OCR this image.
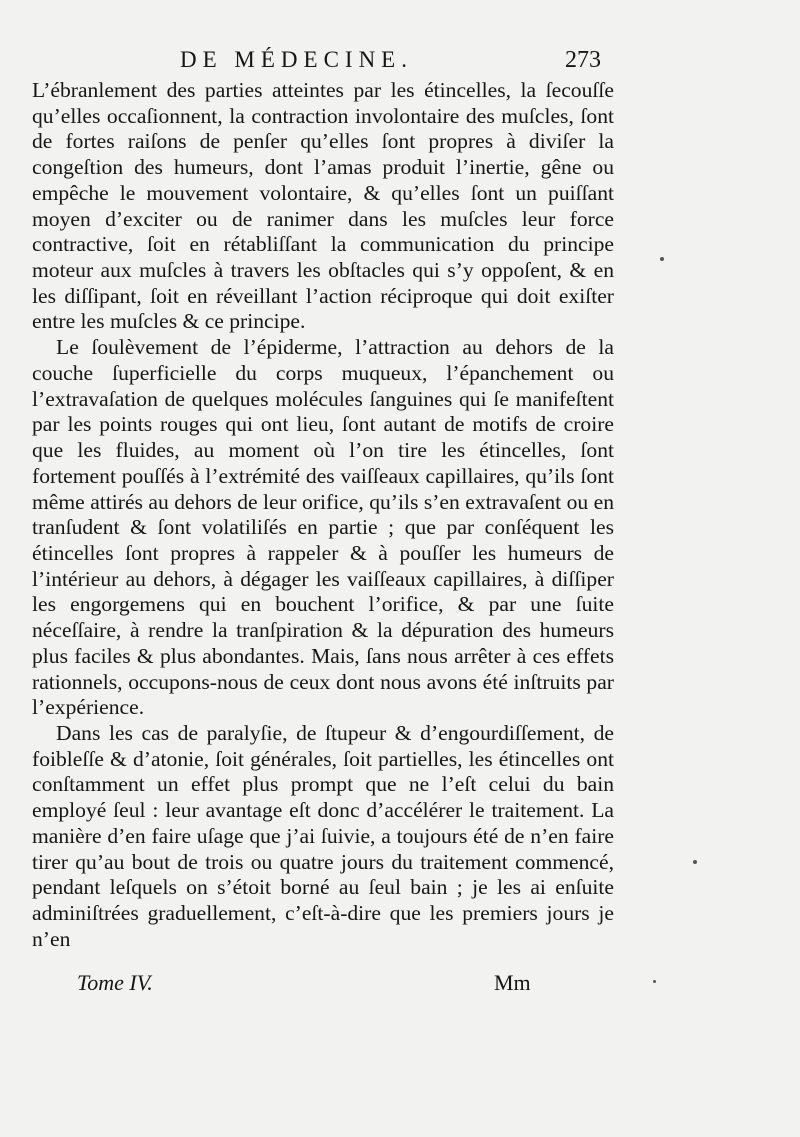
DE MÉDECINE.	273

L’ébranlement des parties atteintes par les étincelles, la ſecouſſe qu’elles occaſionnent, la contraction involontaire des muſcles, ſont de fortes raiſons de penſer qu’elles ſont propres à diviſer la congeſtion des humeurs, dont l’amas produit l’inertie, gêne ou empêche le mouvement volontaire, & qu’elles ſont un puiſſant moyen d’exciter ou de ranimer dans les muſcles leur force contractive, ſoit en rétabliſſant la communication du principe moteur aux muſcles à travers les obſtacles qui s’y oppoſent, & en les diſſipant, ſoit en réveillant l’action réciproque qui doit exiſter entre les muſcles & ce principe.

Le ſoulèvement de l’épiderme, l’attraction au dehors de la couche ſuperficielle du corps muqueux, l’épanchement ou l’extravaſation de quelques molécules ſanguines qui ſe manifeſtent par les points rouges qui ont lieu, ſont autant de motifs de croire que les fluides, au moment où l’on tire les étincelles, ſont fortement pouſſés à l’extrémité des vaiſſeaux capillaires, qu’ils ſont même attirés au dehors de leur orifice, qu’ils s’en extravaſent ou en tranſudent & ſont volatiliſés en partie ; que par conſéquent les étincelles ſont propres à rappeler & à pouſſer les humeurs de l’intérieur au dehors, à dégager les vaiſſeaux capillaires, à diſſiper les engorgemens qui en bouchent l’orifice, & par une ſuite néceſſaire, à rendre la tranſpiration & la dépuration des humeurs plus faciles & plus abondantes. Mais, ſans nous arrêter à ces effets rationnels, occupons-nous de ceux dont nous avons été inſtruits par l’expérience.

Dans les cas de paralyſie, de ſtupeur & d’engourdiſſement, de foibleſſe & d’atonie, ſoit générales, ſoit partielles, les étincelles ont conſtamment un effet plus prompt que ne l’eſt celui du bain employé ſeul : leur avantage eſt donc d’accélérer le traitement. La manière d’en faire uſage que j’ai ſuivie, a toujours été de n’en faire tirer qu’au bout de trois ou quatre jours du traitement commencé, pendant leſquels on s’étoit borné au ſeul bain ; je les ai enſuite adminiſtrées graduellement, c’eſt-à-dire que les premiers jours je n’en

Tome IV.	Mm
